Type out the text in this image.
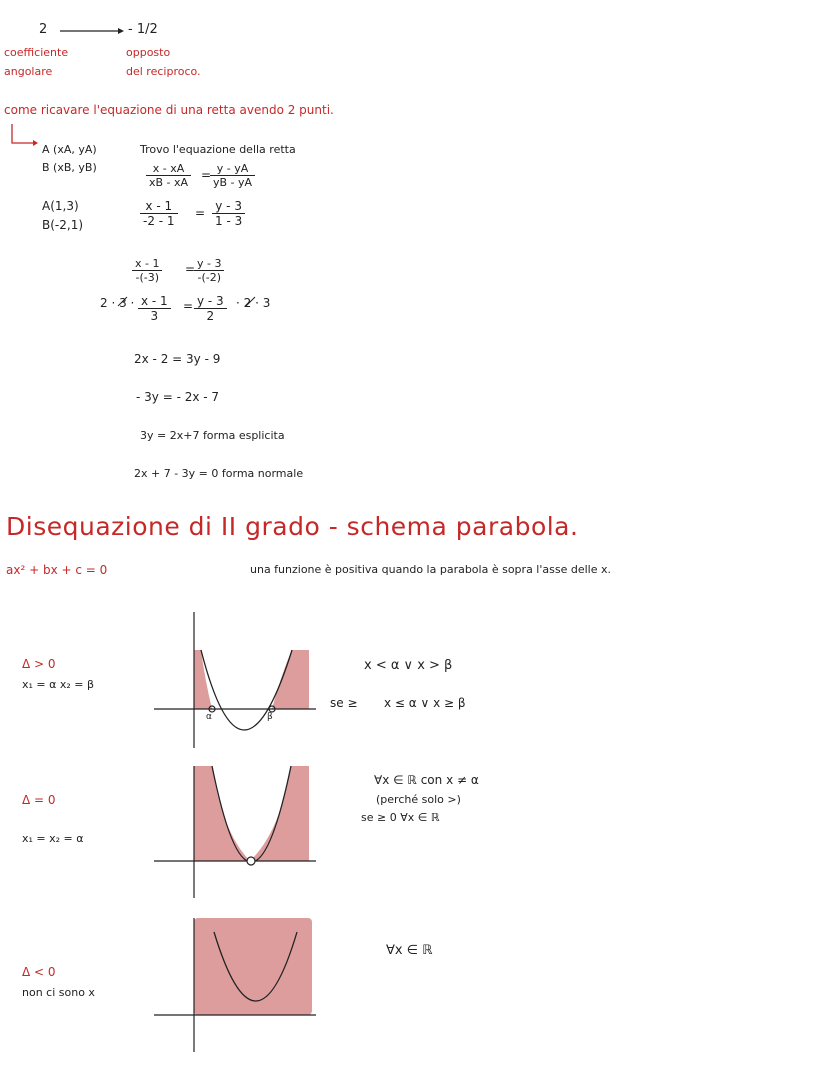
2	- 1/2
coefficiente
angolare
opposto
del reciproco.
come ricavare l'equazione di una retta avendo 2 punti.
A (xA, yA)
B (xB, yB)
Trovo l'equazione della retta
$\frac{x - xA}{xB - xA}$ =
$\frac{y - yA}{yB - yA}$
A(1,3)
B(-2,1)	$\frac{x - 1}{-2 - 1} = \frac{y - 3}{1 - 3}$
$\frac{x - 1}{-(-3)}$ =
$\frac{y - 3}{-(-2)}$
$2 \cdot 3 \cdot \frac{x - 1}{3} = \frac{y - 3}{2} \cdot 2 \cdot 3$
2x - 2 = 3y - 9
- 3y = - 2x - 7
3y = 2x+7 forma esplicita
2x + 7 - 3y = 0 forma normale
Disequazione di II grado - schema parabola.
ax² + bx + c = 0	una funzione è positiva quando la parabola è sopra l'asse delle x.
Δ > 0
x₁ = α x₂ = β
α	β
x < α ∨ x > β
se ≥ x ≤ α ∨ x ≥ β
Δ = 0
x₁ = x₂ = α
∀x ∈ ℝ con x ≠ α
(perché solo >)
se ≥ 0 ∀x ∈ ℝ
Δ < 0
non ci sono x
∀x ∈ ℝ
